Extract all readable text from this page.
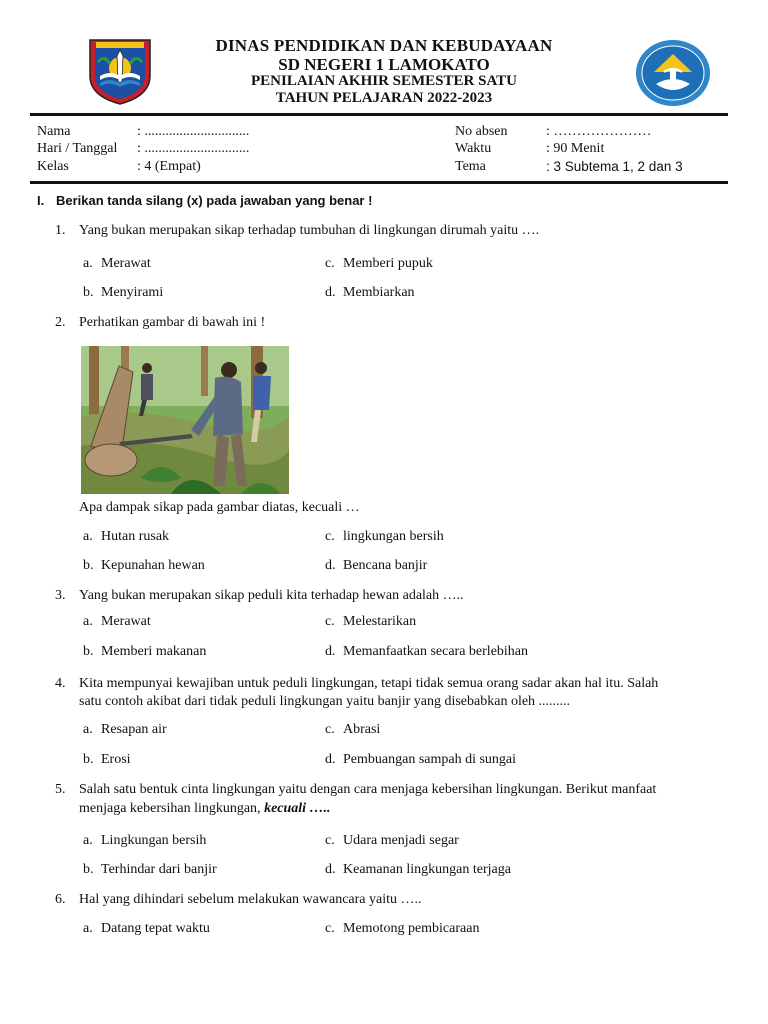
DINAS PENDIDIKAN DAN KEBUDAYAAN
SD NEGERI 1 LAMOKATO
PENILAIAN AKHIR SEMESTER SATU
TAHUN PELAJARAN 2022-2023
Nama	: ..............................
Hari / Tanggal : ..............................
Kelas	: 4 (Empat)
No absen	: …………………
Waktu	: 90 Menit
Tema	: 3 Subtema 1, 2 dan 3
I. Berikan tanda silang (x) pada jawaban yang benar !
1. Yang bukan merupakan sikap terhadap tumbuhan di lingkungan dirumah yaitu ….
a. Merawat	c. Memberi pupuk
b. Menyirami	d. Membiarkan
2. Perhatikan gambar di bawah ini !
Apa dampak sikap pada gambar diatas, kecuali …
a. Hutan rusak	c. lingkungan bersih
b. Kepunahan hewan	d. Bencana banjir
3. Yang bukan merupakan sikap peduli kita terhadap hewan adalah …..
a. Merawat	c. Melestarikan
b. Memberi makanan	d. Memanfaatkan secara berlebihan
4. Kita mempunyai kewajiban untuk peduli lingkungan, tetapi tidak semua orang sadar akan hal itu. Salah
satu contoh akibat dari tidak peduli lingkungan yaitu banjir yang disebabkan oleh .........
a. Resapan air	c. Abrasi
b. Erosi	d. Pembuangan sampah di sungai
5. Salah satu bentuk cinta lingkungan yaitu dengan cara menjaga kebersihan lingkungan. Berikut manfaat
menjaga kebersihan lingkungan, kecuali …..
a. Lingkungan bersih	c. Udara menjadi segar
b. Terhindar dari banjir	d. Keamanan lingkungan terjaga
6. Hal yang dihindari sebelum melakukan wawancara yaitu …..
a. Datang tepat waktu	c. Memotong pembicaraan
